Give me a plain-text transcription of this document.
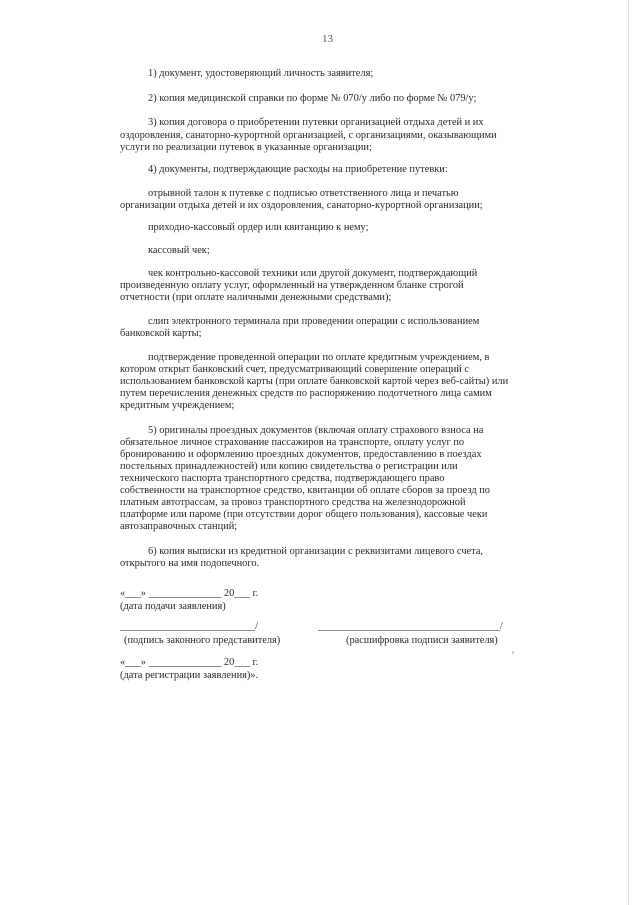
13
1) документ, удостоверяющий личность заявителя;
2) копия медицинской справки по форме № 070/у либо по форме № 079/у;
3) копия договора о приобретении путевки организацией отдыха детей и их
оздоровления, санаторно-курортной организацией, с организациями, оказывающими
услуги по реализации путевок в указанные организации;
4) документы, подтверждающие расходы на приобретение путевки:
отрывной талон к путевке с подписью ответственного лица и печатью
организации отдыха детей и их оздоровления, санаторно-курортной организации;
приходно-кассовый ордер или квитанцию к нему;
кассовый чек;
чек контрольно-кассовой техники или другой документ, подтверждающий
произведенную оплату услуг, оформленный на утвержденном бланке строгой
отчетности (при оплате наличными денежными средствами);
слип электронного терминала при проведении операции с использованием
банковской карты;
подтверждение проведенной операции по оплате кредитным учреждением, в
котором открыт банковский счет, предусматривающий совершение операций с
использованием банковской карты (при оплате банковской картой через веб-сайты) или
путем перечисления денежных средств по распоряжению подотчетного лица самим
кредитным учреждением;
5) оригиналы проездных документов (включая оплату страхового взноса на
обязательное личное страхование пассажиров на транспорте, оплату услуг по
бронированию и оформлению проездных документов, предоставлению в поездах
постельных принадлежностей) или копию свидетельства о регистрации или
технического паспорта транспортного средства, подтверждающего право
собственности на транспортное средство, квитанции об оплате сборов за проезд по
платным автотрассам, за провоз транспортного средства на железнодорожной
платформе или пароме (при отсутствии дорог общего пользования), кассовые чеки
автозаправочных станций;
6) копия выписки из кредитной организации с реквизитами лицевого счета,
открытого на имя подопечного.
«___» ______________ 20___ г.
(дата подачи заявления)
__________________________/
(подпись законного представителя)
___________________________________/
(расшифровка подписи заявителя)
'
«___» ______________ 20___ г.
(дата регистрации заявления)».
